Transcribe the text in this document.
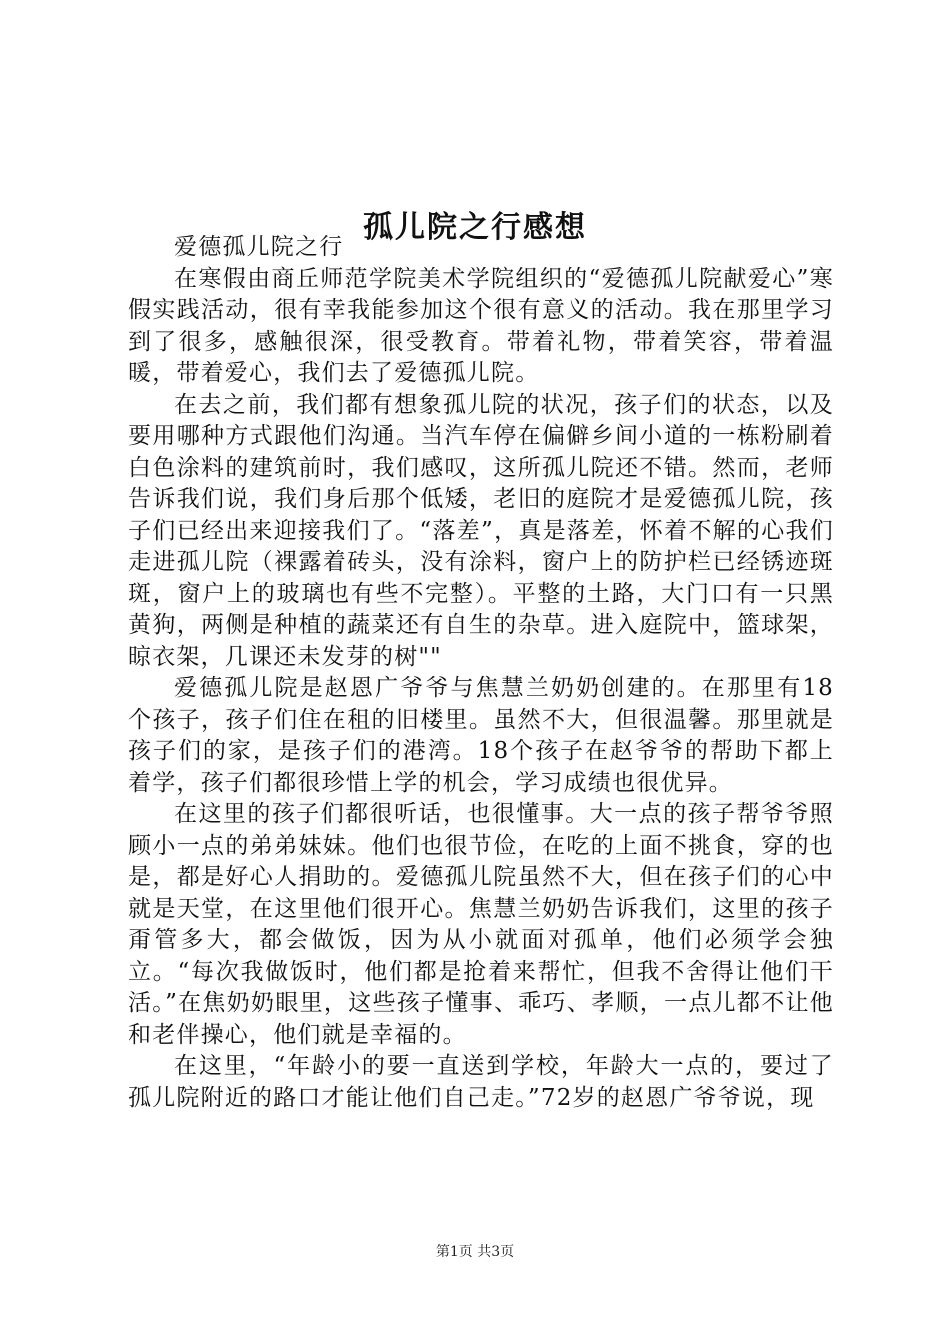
孤儿院之行感想

爱德孤儿院之行

在寒假由商丘师范学院美术学院组织的“爱德孤儿院献爱心”寒假实践活动，很有幸我能参加这个很有意义的活动。我在那里学习到了很多，感触很深，很受教育。带着礼物，带着笑容，带着温暖，带着爱心，我们去了爱德孤儿院。

在去之前，我们都有想象孤儿院的状况，孩子们的状态，以及要用哪种方式跟他们沟通。当汽车停在偏僻乡间小道的一栋粉刷着白色涂料的建筑前时，我们感叹，这所孤儿院还不错。然而，老师告诉我们说，我们身后那个低矮，老旧的庭院才是爱德孤儿院，孩子们已经出来迎接我们了。“落差”，真是落差，怀着不解的心我们走进孤儿院（裸露着砖头，没有涂料，窗户上的防护栏已经锈迹斑斑，窗户上的玻璃也有些不完整）。平整的土路，大门口有一只黑黄狗，两侧是种植的蔬菜还有自生的杂草。进入庭院中，篮球架，晾衣架，几课还未发芽的树""

爱德孤儿院是赵恩广爷爷与焦慧兰奶奶创建的。在那里有18个孩子，孩子们住在租的旧楼里。虽然不大，但很温馨。那里就是孩子们的家，是孩子们的港湾。18个孩子在赵爷爷的帮助下都上着学，孩子们都很珍惜上学的机会，学习成绩也很优异。

在这里的孩子们都很听话，也很懂事。大一点的孩子帮爷爷照顾小一点的弟弟妹妹。他们也很节俭，在吃的上面不挑食，穿的也是，都是好心人捐助的。爱德孤儿院虽然不大，但在孩子们的心中就是天堂，在这里他们很开心。焦慧兰奶奶告诉我们，这里的孩子甭管多大，都会做饭，因为从小就面对孤单，他们必须学会独立。“每次我做饭时，他们都是抢着来帮忙，但我不舍得让他们干活。”在焦奶奶眼里，这些孩子懂事、乖巧、孝顺，一点儿都不让他和老伴操心，他们就是幸福的。

在这里，“年龄小的要一直送到学校，年龄大一点的，要过了孤儿院附近的路口才能让他们自己走。”72岁的赵恩广爷爷说，现

第1页 共3页
